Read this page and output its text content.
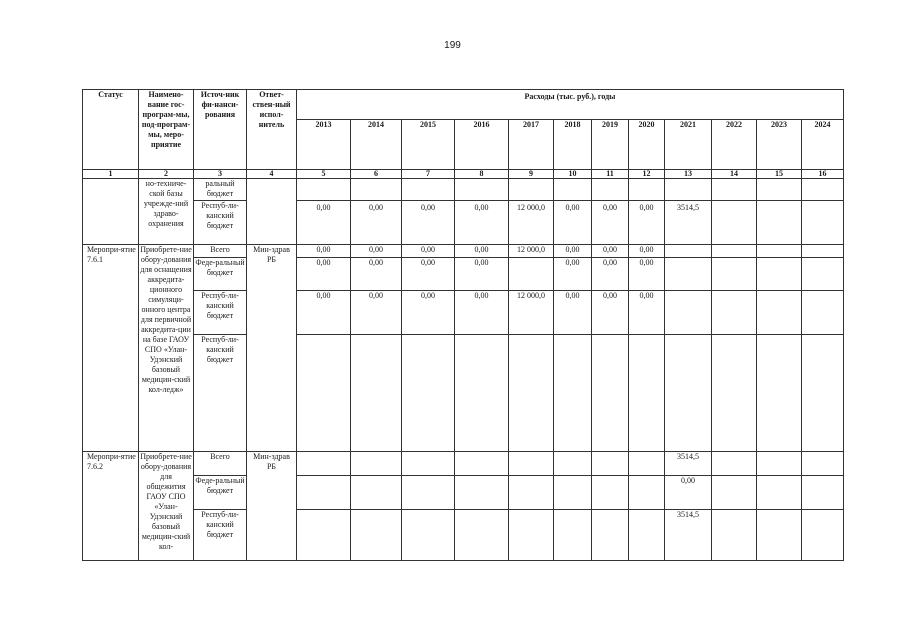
199
Статус	Наимено-вание гос-програм-мы, под-програм-мы, меро-приятие	Источ-ник фи-нанси-рования	Ответ-ствен-ный испол-нитель	Расходы (тыс. руб.), годы											
				2013	2014	2015	2016	2017	2018	2019	2020	2021	2022	2023	2024
1	2	3	4	5	6	7	8	9	10	11	12	13	14	15	16
	но-техниче-ской базы учрежде-ний здраво-охранения	ральный бюджет													
		Респуб-ли-канский бюджет		0,00	0,00	0,00	0,00	12 000,0	0,00	0,00	0,00	3514,5			
Меропри-ятие 7.6.1	Приобрете-ние обору-дования для оснащения аккредита-ционного симуляци-онного центра для первичной аккредита-ции на базе ГАОУ СПО «Улан-Удэнский базовый медицин-ский кол-ледж»	Всего	Мин-здрав РБ	0,00	0,00	0,00	0,00	12 000,0	0,00	0,00	0,00				
		Феде-ральный бюджет		0,00	0,00	0,00	0,00		0,00	0,00	0,00				
		Респуб-ли-канский бюджет		0,00	0,00	0,00	0,00	12 000,0	0,00	0,00	0,00				
		Респуб-ли-канский бюджет													
Меропри-ятие 7.6.2	Приобрете-ние обору-дования для общежития ГАОУ СПО «Улан-Удэнский базовый медицин-ский кол-	Всего	Мин-здрав РБ									3514,5			
		Феде-ральный бюджет										0,00			
		Респуб-ли-канский бюджет										3514,5			
